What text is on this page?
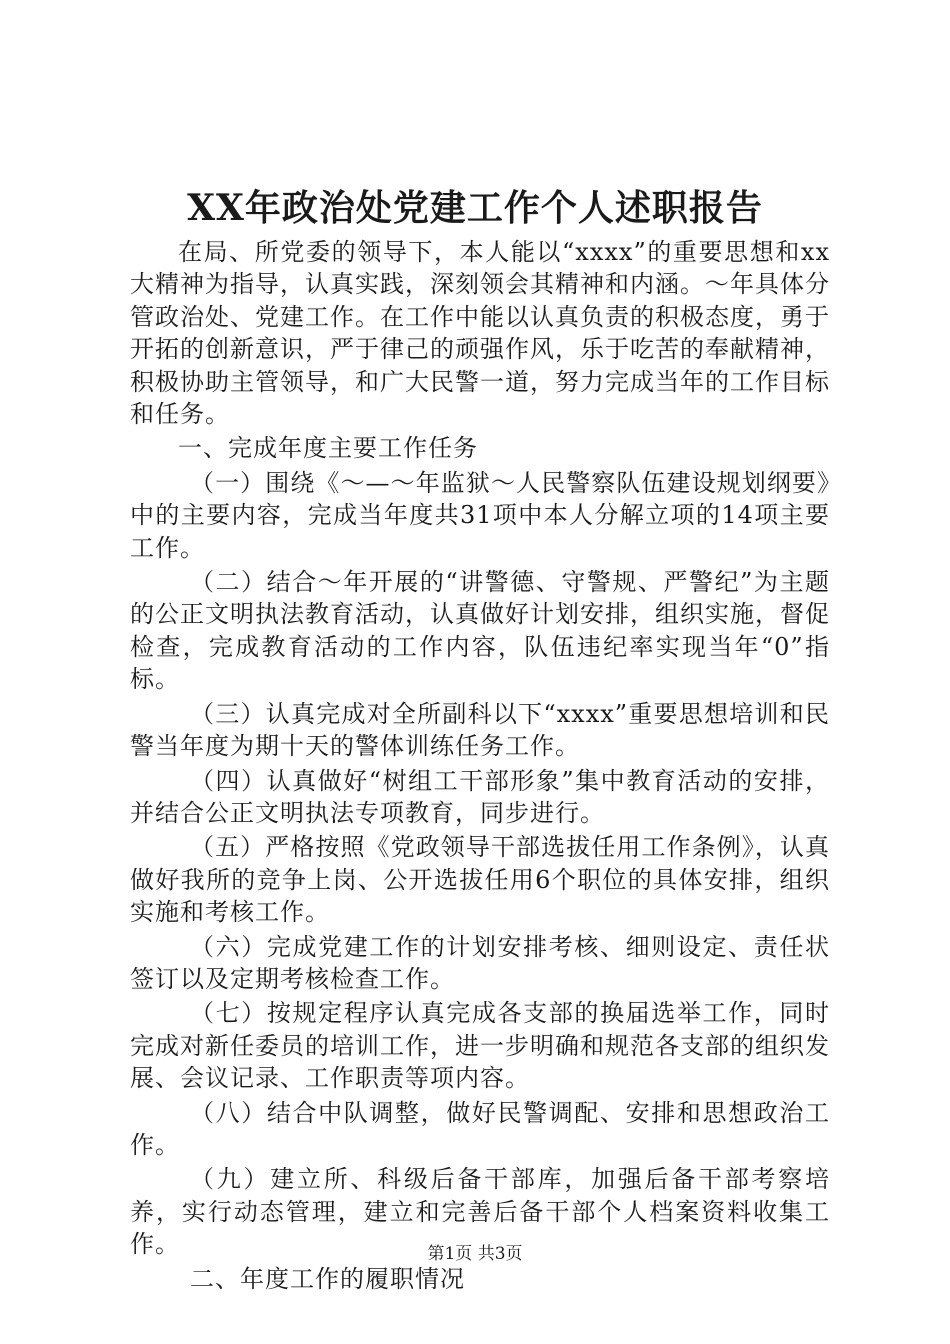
XX年政治处党建工作个人述职报告

在局、所党委的领导下，本人能以“xxxx”的重要思想和xx大精神为指导，认真实践，深刻领会其精神和内涵。～年具体分管政治处、党建工作。在工作中能以认真负责的积极态度，勇于开拓的创新意识，严于律己的顽强作风，乐于吃苦的奉献精神，积极协助主管领导，和广大民警一道，努力完成当年的工作目标和任务。

一、完成年度主要工作任务

（一）围绕《～—～年监狱～人民警察队伍建设规划纲要》中的主要内容，完成当年度共31项中本人分解立项的14项主要工作。

（二）结合～年开展的“讲警德、守警规、严警纪”为主题的公正文明执法教育活动，认真做好计划安排，组织实施，督促检查，完成教育活动的工作内容，队伍违纪率实现当年“0”指标。

（三）认真完成对全所副科以下“xxxx”重要思想培训和民警当年度为期十天的警体训练任务工作。

（四）认真做好“树组工干部形象”集中教育活动的安排，并结合公正文明执法专项教育，同步进行。

（五）严格按照《党政领导干部选拔任用工作条例》，认真做好我所的竞争上岗、公开选拔任用6个职位的具体安排，组织实施和考核工作。

（六）完成党建工作的计划安排考核、细则设定、责任状签订以及定期考核检查工作。

（七）按规定程序认真完成各支部的换届选举工作，同时完成对新任委员的培训工作，进一步明确和规范各支部的组织发展、会议记录、工作职责等项内容。

（八）结合中队调整，做好民警调配、安排和思想政治工作。

（九）建立所、科级后备干部库，加强后备干部考察培养，实行动态管理，建立和完善后备干部个人档案资料收集工作。

二、年度工作的履职情况

第1页 共3页
